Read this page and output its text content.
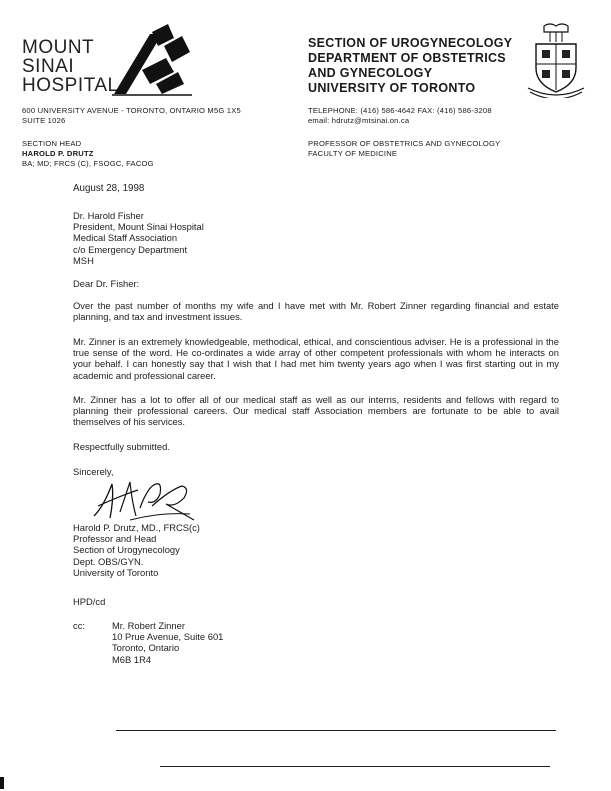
MOUNT
SINAI
HOSPITAL
SECTION OF UROGYNECOLOGY
DEPARTMENT OF OBSTETRICS
AND GYNECOLOGY
UNIVERSITY OF TORONTO
600 UNIVERSITY AVENUE - TORONTO, ONTARIO M5G 1X5
SUITE 1026
TELEPHONE: (416) 586-4642 FAX: (416) 586-3208
email: hdrutz@mtsinai.on.ca
SECTION HEAD
HAROLD P. DRUTZ
BA; MD; FRCS (C), FSOGC, FACOG
PROFESSOR OF OBSTETRICS AND GYNECOLOGY
FACULTY OF MEDICINE
August 28, 1998
Dr. Harold Fisher
President, Mount Sinai Hospital
Medical Staff Association
c/o Emergency Department
MSH
Dear Dr. Fisher:
Over the past number of months my wife and I have met with Mr. Robert Zinner regarding financial and estate planning, and tax and investment issues.
Mr. Zinner is an extremely knowledgeable, methodical, ethical, and conscientious adviser. He is a professional in the true sense of the word. He co-ordinates a wide array of other competent professionals with whom he interacts on your behalf. I can honestly say that I wish that I had met him twenty years ago when I was first starting out in my academic and professional career.
Mr. Zinner has a lot to offer all of our medical staff as well as our interns, residents and fellows with regard to planning their professional careers. Our medical staff Association members are fortunate to be able to avail themselves of his services.
Respectfully submitted.
Sincerely,
Harold P. Drutz, MD., FRCS(c)
Professor and Head
Section of Urogynecology
Dept. OBS/GYN.
University of Toronto
HPD/cd
cc:	Mr. Robert Zinner
10 Prue Avenue, Suite 601
Toronto, Ontario
M6B 1R4
